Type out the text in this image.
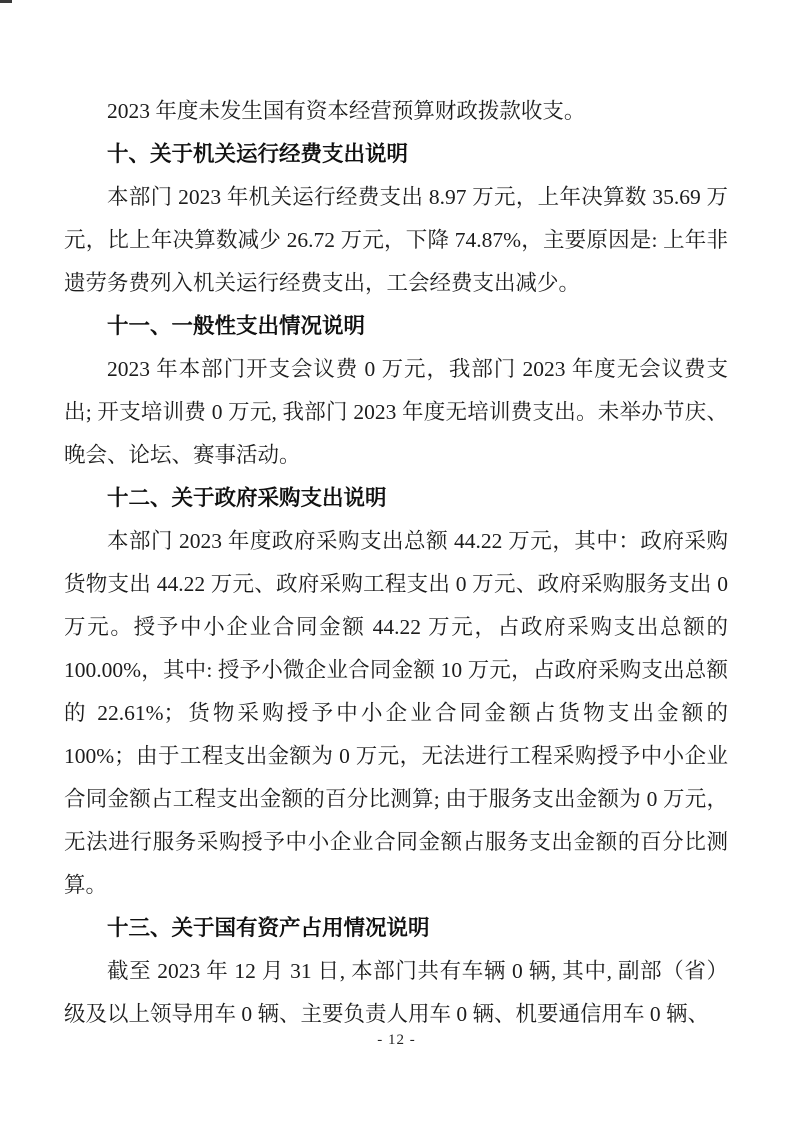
2023 年度未发生国有资本经营预算财政拨款收支。

十、关于机关运行经费支出说明

本部门 2023 年机关运行经费支出 8.97 万元，上年决算数 35.69 万元，比上年决算数减少 26.72 万元，下降 74.87%，主要原因是: 上年非遗劳务费列入机关运行经费支出，工会经费支出减少。

十一、一般性支出情况说明

2023 年本部门开支会议费 0 万元，我部门 2023 年度无会议费支出; 开支培训费 0 万元, 我部门 2023 年度无培训费支出。未举办节庆、晚会、论坛、赛事活动。

十二、关于政府采购支出说明

本部门 2023 年度政府采购支出总额 44.22 万元，其中：政府采购货物支出 44.22 万元、政府采购工程支出 0 万元、政府采购服务支出 0 万元。授予中小企业合同金额 44.22 万元，占政府采购支出总额的 100.00%，其中: 授予小微企业合同金额 10 万元，占政府采购支出总额的 22.61%；货物采购授予中小企业合同金额占货物支出金额的 100%；由于工程支出金额为 0 万元，无法进行工程采购授予中小企业合同金额占工程支出金额的百分比测算; 由于服务支出金额为 0 万元，无法进行服务采购授予中小企业合同金额占服务支出金额的百分比测算。

十三、关于国有资产占用情况说明

截至 2023 年 12 月 31 日, 本部门共有车辆 0 辆, 其中, 副部（省）级及以上领导用车 0 辆、主要负责人用车 0 辆、机要通信用车 0 辆、

- 12 -
